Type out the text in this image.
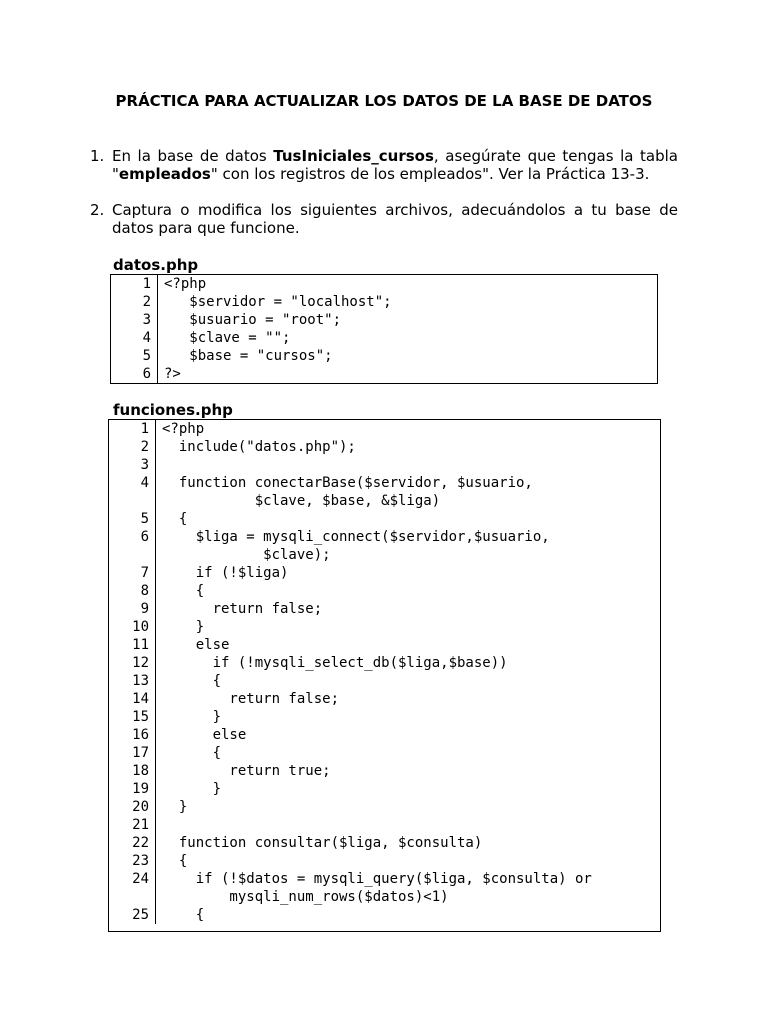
PRÁCTICA PARA ACTUALIZAR LOS DATOS DE LA BASE DE DATOS
1. En la base de datos TusIniciales_cursos, asegúrate que tengas la tabla
"empleados" con los registros de los empleados". Ver la Práctica 13-3.
2. Captura o modifica los siguientes archivos, adecuándolos a tu base de
datos para que funcione.
datos.php
1	<?php
2	$servidor = "localhost";
3	$usuario = "root";
4	$clave = "";
5	$base = "cursos";
6	?>
funciones.php
1	<?php
2	include("datos.php");
3	
4	function conectarBase($servidor, $usuario,
	$clave, $base, &$liga)
5	{
6	$liga = mysqli_connect($servidor,$usuario,
	$clave);
7	if (!$liga)
8	{
9	return false;
10	}
11	else
12	if (!mysqli_select_db($liga,$base))
13	{
14	return false;
15	}
16	else
17	{
18	return true;
19	}
20	}
21	
22	function consultar($liga, $consulta)
23	{
24	if (!$datos = mysqli_query($liga, $consulta) or
	mysqli_num_rows($datos)<1)
25	{
